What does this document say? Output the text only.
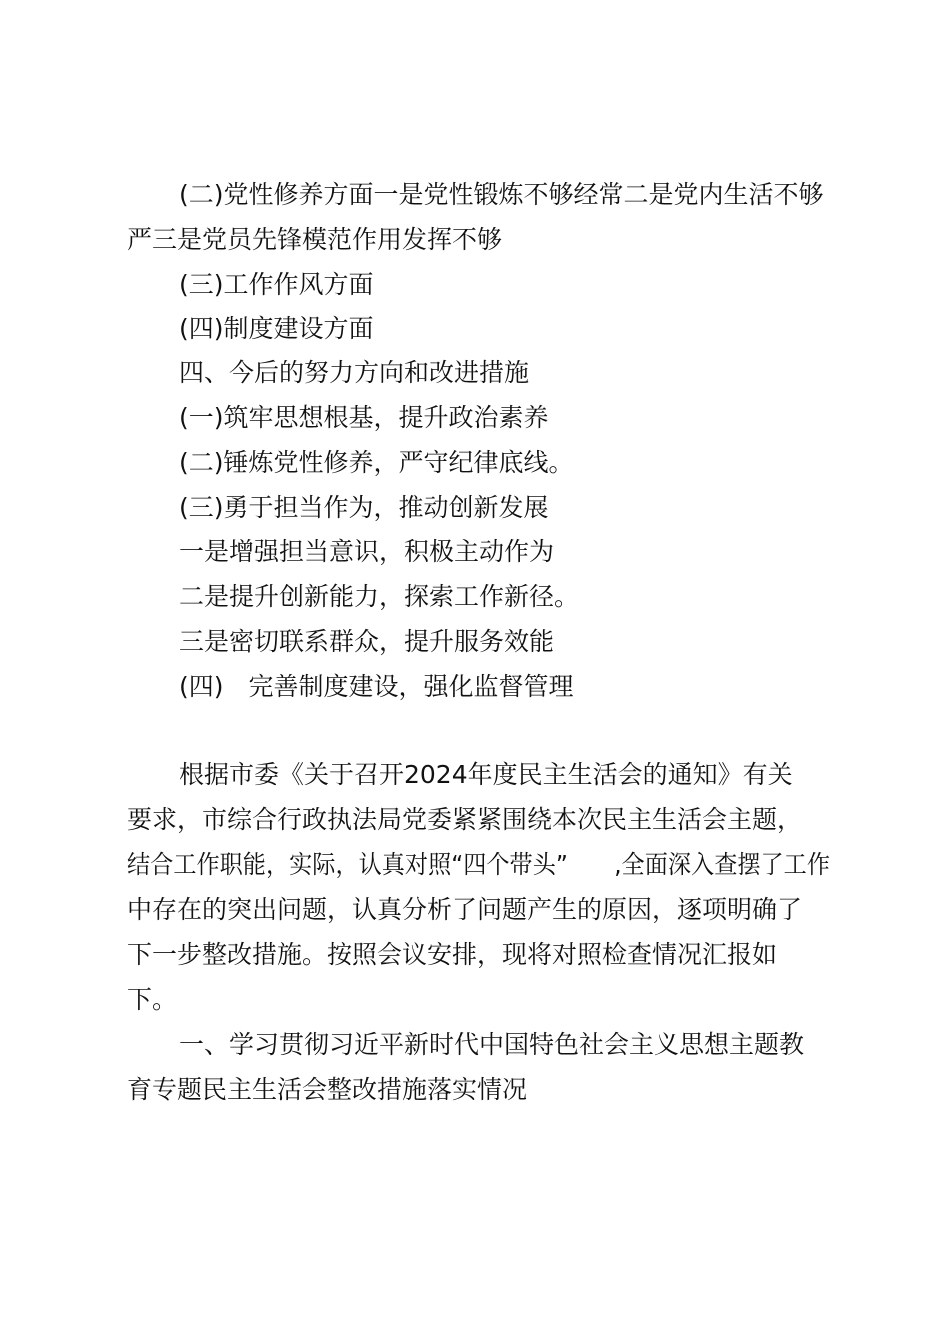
(二)党性修养方面一是党性锻炼不够经常二是党内生活不够
严三是党员先锋模范作用发挥不够
(三)工作作风方面
(四)制度建设方面
四、今后的努力方向和改进措施
(一)筑牢思想根基，提升政治素养
(二)锤炼党性修养，严守纪律底线。
(三)勇于担当作为，推动创新发展
一是增强担当意识，积极主动作为
二是提升创新能力，探索工作新径。
三是密切联系群众，提升服务效能
(四)　完善制度建设，强化监督管理
根据市委《关于召开2024年度民主生活会的通知》有关
要求，市综合行政执法局党委紧紧围绕本次民主生活会主题，
结合工作职能，实际，认真对照“四个带头”　　,全面深入查摆了工作
中存在的突出问题，认真分析了问题产生的原因，逐项明确了
下一步整改措施。按照会议安排，现将对照检查情况汇报如
下。
一、学习贯彻习近平新时代中国特色社会主义思想主题教
育专题民主生活会整改措施落实情况
